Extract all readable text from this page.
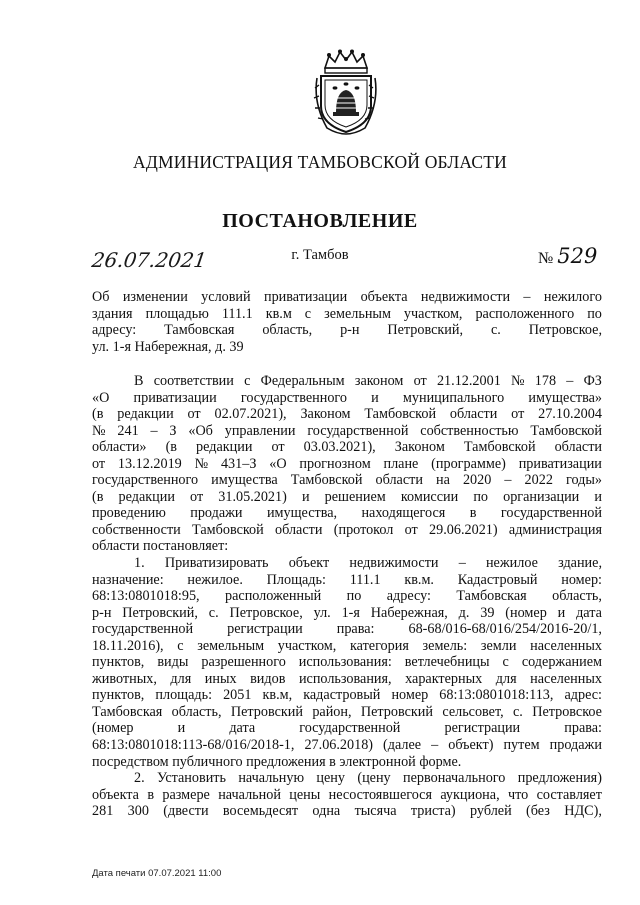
АДМИНИСТРАЦИЯ ТАМБОВСКОЙ ОБЛАСТИ
ПОСТАНОВЛЕНИЕ
26.07.2021	г. Тамбов	№ 529
Об изменении условий приватизации объекта недвижимости – нежилого
здания площадью 111.1 кв.м с земельным участком, расположенного по
адресу: Тамбовская область, р-н Петровский, с. Петровское,
ул. 1-я Набережная, д. 39
В соответствии с Федеральным законом от 21.12.2001 № 178 – ФЗ
«О приватизации государственного и муниципального имущества»
(в редакции от 02.07.2021), Законом Тамбовской области от 27.10.2004
№ 241 – З «Об управлении государственной собственностью Тамбовской
области» (в редакции от 03.03.2021), Законом Тамбовской области
от 13.12.2019 № 431–З «О прогнозном плане (программе) приватизации
государственного имущества Тамбовской области на 2020 – 2022 годы»
(в редакции от 31.05.2021) и решением комиссии по организации и
проведению продажи имущества, находящегося в государственной
собственности Тамбовской области (протокол от 29.06.2021) администрация
области постановляет:
1. Приватизировать объект недвижимости – нежилое здание,
назначение: нежилое. Площадь: 111.1 кв.м. Кадастровый номер:
68:13:0801018:95, расположенный по адресу: Тамбовская область,
р-н Петровский, с. Петровское, ул. 1-я Набережная, д. 39 (номер и дата
государственной регистрации права: 68-68/016-68/016/254/2016-20/1,
18.11.2016), с земельным участком, категория земель: земли населенных
пунктов, виды разрешенного использования: ветлечебницы с содержанием
животных, для иных видов использования, характерных для населенных
пунктов, площадь: 2051 кв.м, кадастровый номер 68:13:0801018:113, адрес:
Тамбовская область, Петровский район, Петровский сельсовет, с. Петровское
(номер	и	дата	государственной	регистрации	права:
68:13:0801018:113-68/016/2018-1, 27.06.2018) (далее – объект) путем продажи
посредством публичного предложения в электронной форме.
2. Установить начальную цену (цену первоначального предложения)
объекта в размере начальной цены несостоявшегося аукциона, что составляет
281 300 (двести восемьдесят одна тысяча триста) рублей (без НДС),
Дата печати 07.07.2021 11:00
